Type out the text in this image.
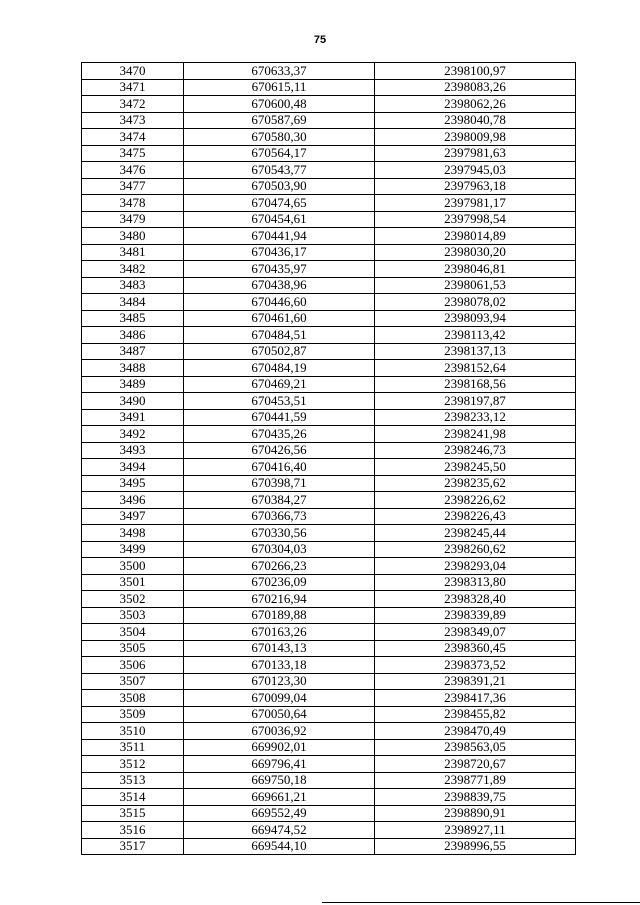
75
3470	670633,37	2398100,97
3471	670615,11	2398083,26
3472	670600,48	2398062,26
3473	670587,69	2398040,78
3474	670580,30	2398009,98
3475	670564,17	2397981,63
3476	670543,77	2397945,03
3477	670503,90	2397963,18
3478	670474,65	2397981,17
3479	670454,61	2397998,54
3480	670441,94	2398014,89
3481	670436,17	2398030,20
3482	670435,97	2398046,81
3483	670438,96	2398061,53
3484	670446,60	2398078,02
3485	670461,60	2398093,94
3486	670484,51	2398113,42
3487	670502,87	2398137,13
3488	670484,19	2398152,64
3489	670469,21	2398168,56
3490	670453,51	2398197,87
3491	670441,59	2398233,12
3492	670435,26	2398241,98
3493	670426,56	2398246,73
3494	670416,40	2398245,50
3495	670398,71	2398235,62
3496	670384,27	2398226,62
3497	670366,73	2398226,43
3498	670330,56	2398245,44
3499	670304,03	2398260,62
3500	670266,23	2398293,04
3501	670236,09	2398313,80
3502	670216,94	2398328,40
3503	670189,88	2398339,89
3504	670163,26	2398349,07
3505	670143,13	2398360,45
3506	670133,18	2398373,52
3507	670123,30	2398391,21
3508	670099,04	2398417,36
3509	670050,64	2398455,82
3510	670036,92	2398470,49
3511	669902,01	2398563,05
3512	669796,41	2398720,67
3513	669750,18	2398771,89
3514	669661,21	2398839,75
3515	669552,49	2398890,91
3516	669474,52	2398927,11
3517	669544,10	2398996,55
